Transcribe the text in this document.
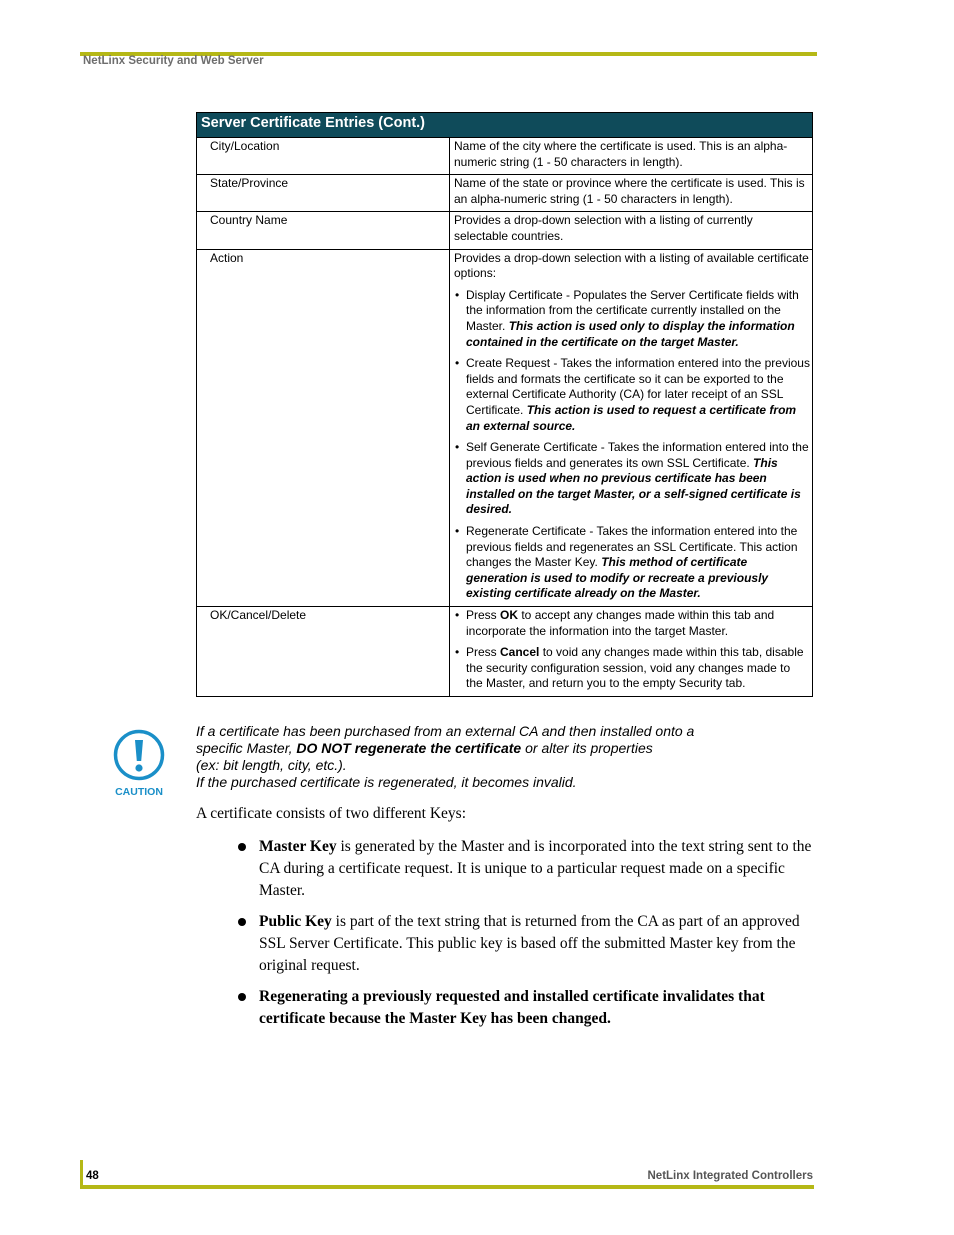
NetLinx Security and Web Server
Server Certificate Entries (Cont.)	
City/Location	Name of the city where the certificate is used. This is an alpha-numeric string (1 - 50 characters in length).
State/Province	Name of the state or province where the certificate is used. This is an alpha-numeric string (1 - 50 characters in length).
Country Name	Provides a drop-down selection with a listing of currently selectable countries.
Action	Provides a drop-down selection with a listing of available certificate options:

• Display Certificate - Populates the Server Certificate fields with the information from the certificate currently installed on the Master. This action is used only to display the information contained in the certificate on the target Master.

• Create Request - Takes the information entered into the previous fields and formats the certificate so it can be exported to the external Certificate Authority (CA) for later receipt of an SSL Certificate. This action is used to request a certificate from an external source.

• Self Generate Certificate - Takes the information entered into the previous fields and generates its own SSL Certificate. This action is used when no previous certificate has been installed on the target Master, or a self-signed certificate is desired.

• Regenerate Certificate - Takes the information entered into the previous fields and regenerates an SSL Certificate. This action changes the Master Key. This method of certificate generation is used to modify or recreate a previously existing certificate already on the Master.

OK/Cancel/Delete	• Press OK to accept any changes made within this tab and incorporate the information into the target Master.

• Press Cancel to void any changes made within this tab, disable the security configuration session, void any changes made to the Master, and return you to the empty Security tab.

CAUTION
If a certificate has been purchased from an external CA and then installed onto a
specific Master, DO NOT regenerate the certificate or alter its properties
(ex: bit length, city, etc.).
If the purchased certificate is regenerated, it becomes invalid.
A certificate consists of two different Keys:
Master Key is generated by the Master and is incorporated into the text string sent to the CA during a certificate request. It is unique to a particular request made on a specific Master.
Public Key is part of the text string that is returned from the CA as part of an approved SSL Server Certificate. This public key is based off the submitted Master key from the original request.
Regenerating a previously requested and installed certificate invalidates that certificate because the Master Key has been changed.
48	NetLinx Integrated Controllers
